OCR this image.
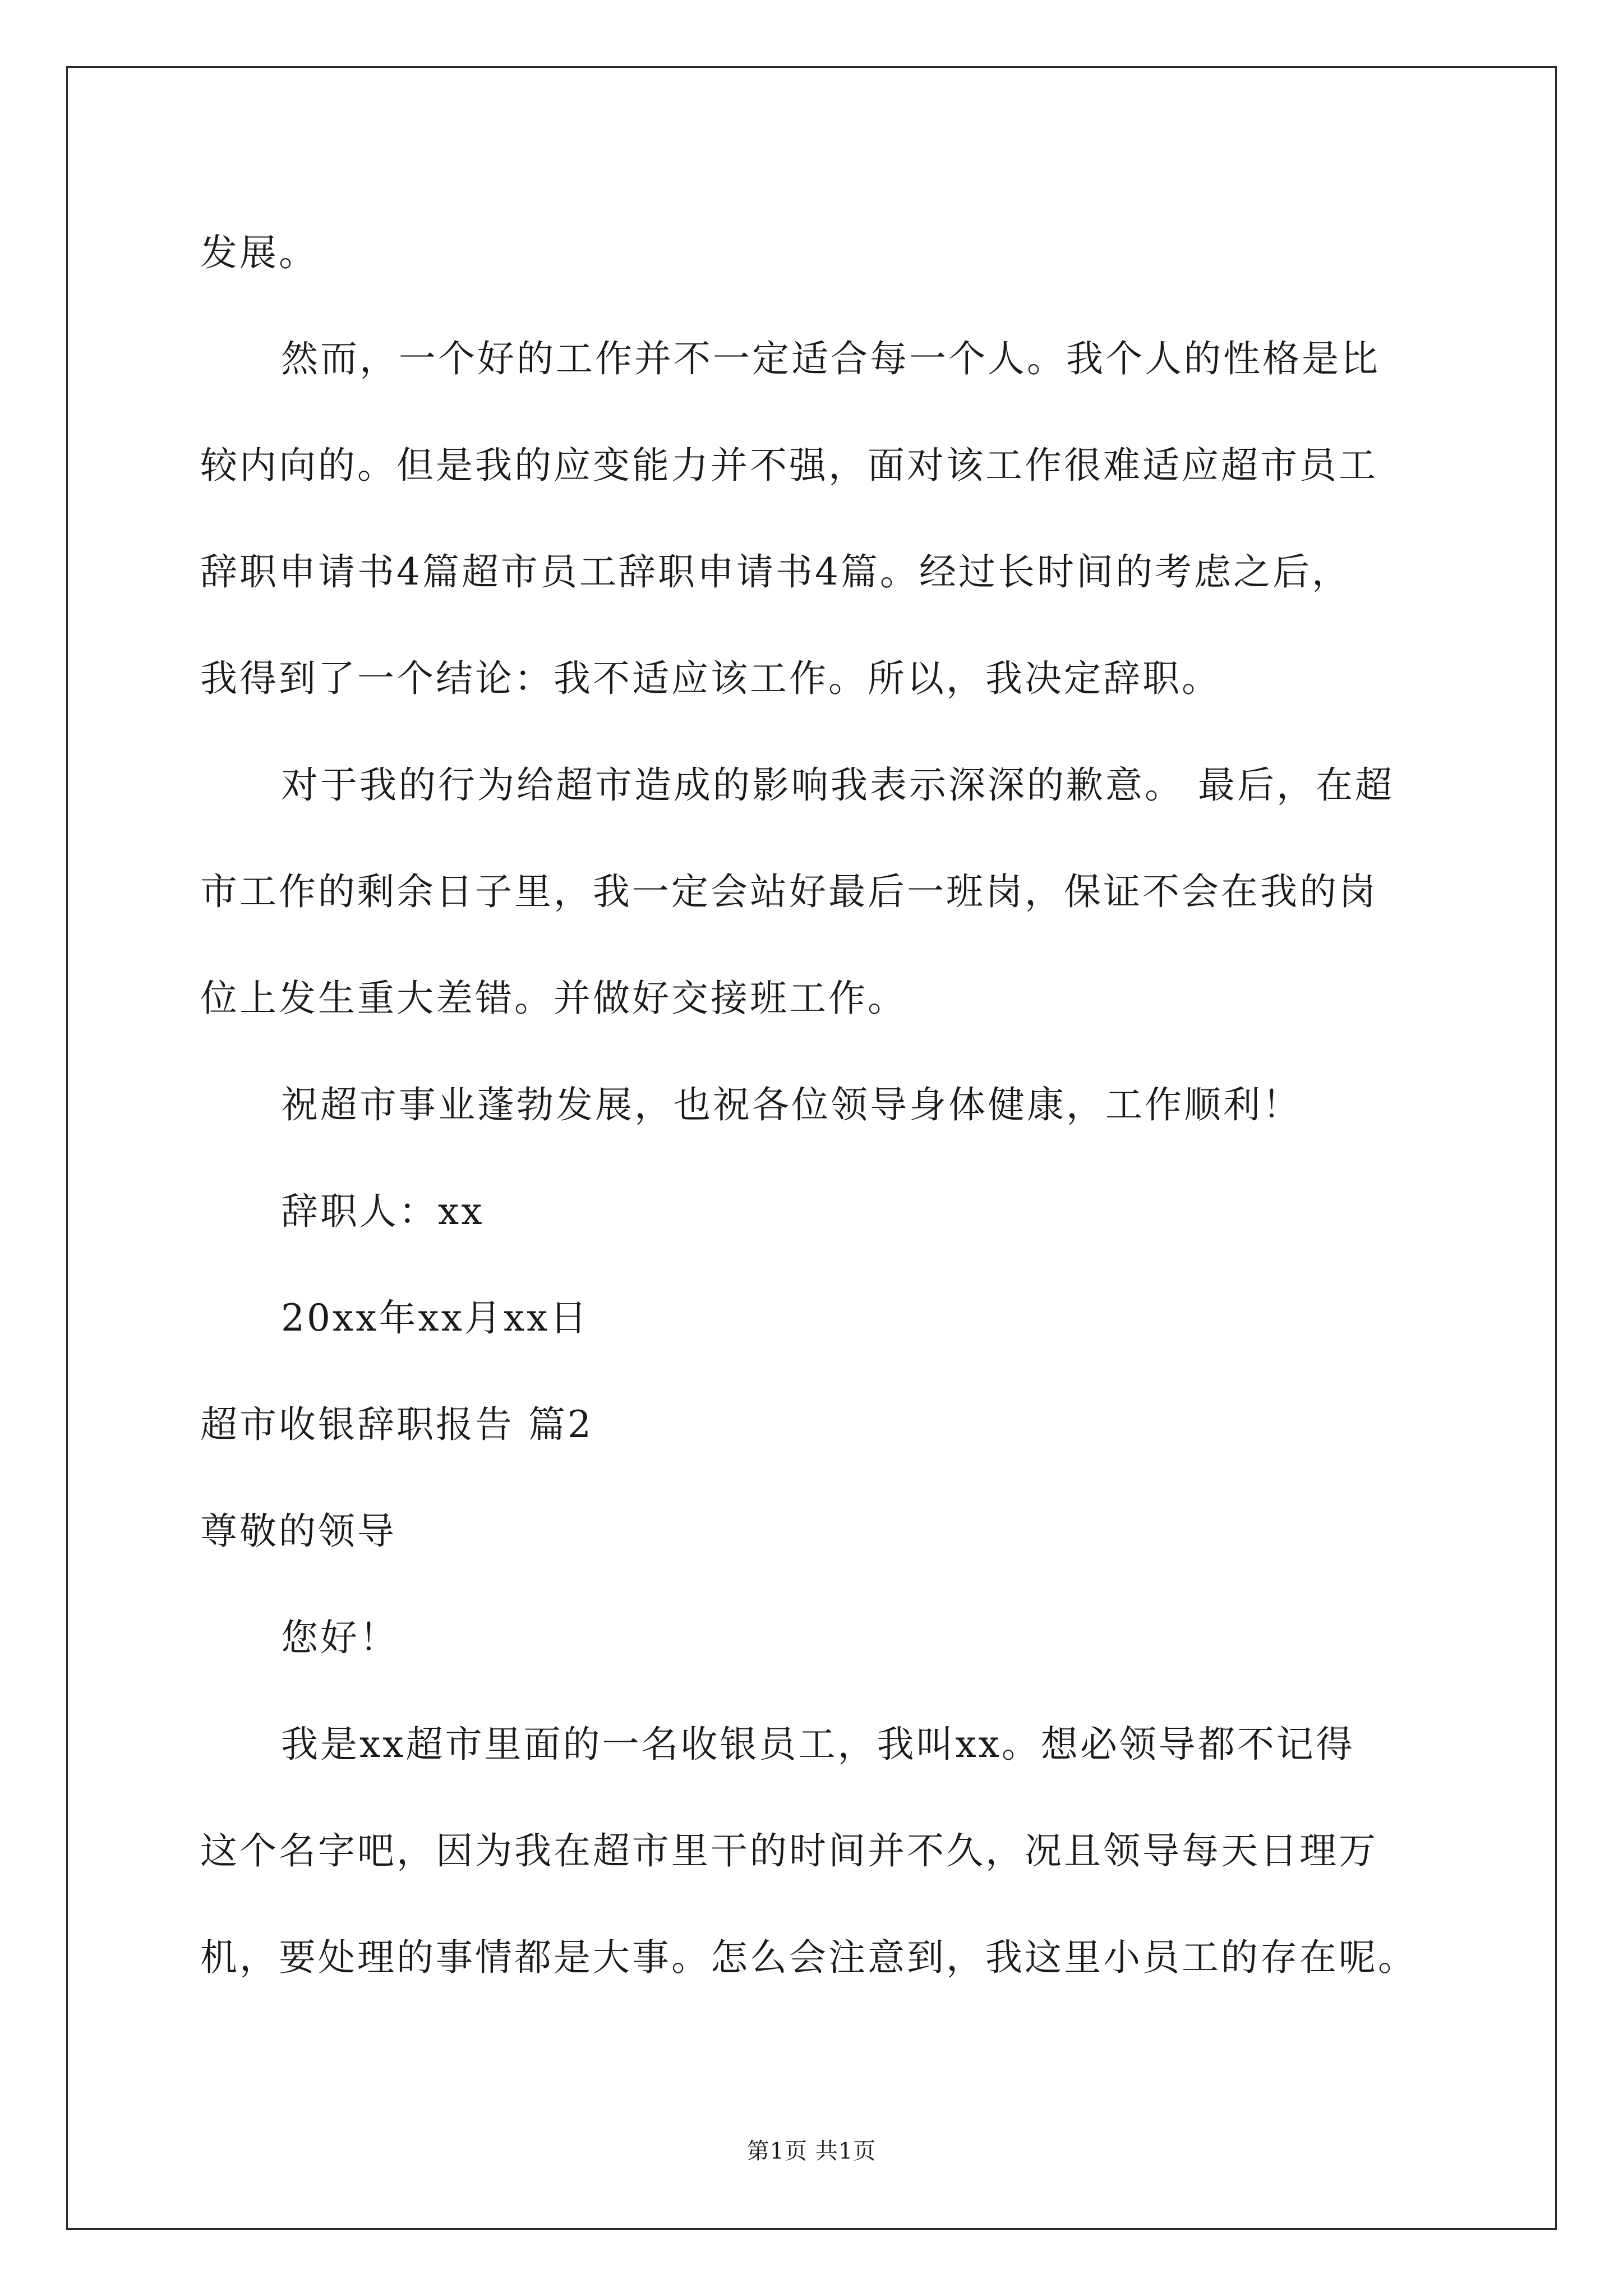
发展。
然而，一个好的工作并不一定适合每一个人。我个人的性格是比
较内向的。但是我的应变能力并不强，面对该工作很难适应超市员工
辞职申请书4篇超市员工辞职申请书4篇。经过长时间的考虑之后，
我得到了一个结论：我不适应该工作。所以，我决定辞职。
对于我的行为给超市造成的影响我表示深深的歉意。 最后，在超
市工作的剩余日子里，我一定会站好最后一班岗，保证不会在我的岗
位上发生重大差错。并做好交接班工作。
祝超市事业蓬勃发展，也祝各位领导身体健康，工作顺利！
辞职人：xx
20xx年xx月xx日
超市收银辞职报告 篇2
尊敬的领导
您好！
我是xx超市里面的一名收银员工，我叫xx。想必领导都不记得
这个名字吧，因为我在超市里干的时间并不久，况且领导每天日理万
机，要处理的事情都是大事。怎么会注意到，我这里小员工的存在呢。
第1页 共1页
